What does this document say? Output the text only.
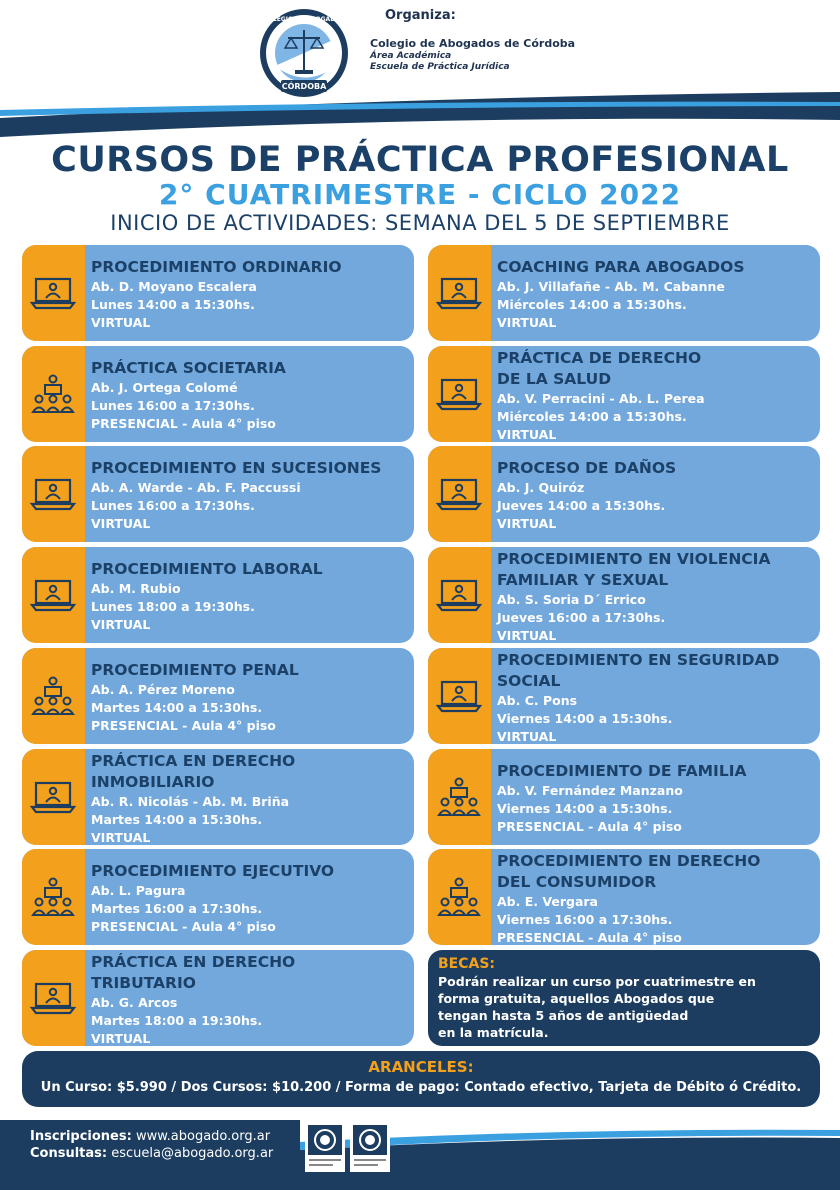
CÓRDOBA
COLEGIO DE ABOGADOS	Organiza:
Colegio de Abogados de Córdoba
Área Académica
Escuela de Práctica Jurídica
CURSOS DE PRÁCTICA PROFESIONAL
2° CUATRIMESTRE - CICLO 2022
INICIO DE ACTIVIDADES: SEMANA DEL 5 DE SEPTIEMBRE
PROCEDIMIENTO ORDINARIO
Ab. D. Moyano Escalera
Lunes 14:00 a 15:30hs.
VIRTUAL
PRÁCTICA SOCIETARIA
Ab. J. Ortega Colomé
Lunes 16:00 a 17:30hs.
PRESENCIAL - Aula 4° piso
PROCEDIMIENTO EN SUCESIONES
Ab. A. Warde - Ab. F. Paccussi
Lunes 16:00 a 17:30hs.
VIRTUAL
PROCEDIMIENTO LABORAL
Ab. M. Rubio
Lunes 18:00 a 19:30hs.
VIRTUAL
PROCEDIMIENTO PENAL
Ab. A. Pérez Moreno
Martes 14:00 a 15:30hs.
PRESENCIAL - Aula 4° piso
PRÁCTICA EN DERECHO
INMOBILIARIO
Ab. R. Nicolás - Ab. M. Briña
Martes 14:00 a 15:30hs.
VIRTUAL
PROCEDIMIENTO EJECUTIVO
Ab. L. Pagura
Martes 16:00 a 17:30hs.
PRESENCIAL - Aula 4° piso
PRÁCTICA EN DERECHO
TRIBUTARIO
Ab. G. Arcos
Martes 18:00 a 19:30hs.
VIRTUAL
COACHING PARA ABOGADOS
Ab. J. Villafañe - Ab. M. Cabanne
Miércoles 14:00 a 15:30hs.
VIRTUAL
PRÁCTICA DE DERECHO
DE LA SALUD
Ab. V. Perracini - Ab. L. Perea
Miércoles 14:00 a 15:30hs.
VIRTUAL
PROCESO DE DAÑOS
Ab. J. Quiróz
Jueves 14:00 a 15:30hs.
VIRTUAL
PROCEDIMIENTO EN VIOLENCIA
FAMILIAR Y SEXUAL
Ab. S. Soria D´ Errico
Jueves 16:00 a 17:30hs.
VIRTUAL
PROCEDIMIENTO EN SEGURIDAD
SOCIAL
Ab. C. Pons
Viernes 14:00 a 15:30hs.
VIRTUAL
PROCEDIMIENTO DE FAMILIA
Ab. V. Fernández Manzano
Viernes 14:00 a 15:30hs.
PRESENCIAL - Aula 4° piso
PROCEDIMIENTO EN DERECHO
DEL CONSUMIDOR
Ab. E. Vergara
Viernes 16:00 a 17:30hs.
PRESENCIAL - Aula 4° piso
BECAS:
Podrán realizar un curso por cuatrimestre en
forma gratuita, aquellos Abogados que
tengan hasta 5 años de antigüedad
en la matrícula.
ARANCELES:
Un Curso: $5.990 / Dos Cursos: $10.200 / Forma de pago: Contado efectivo, Tarjeta de Débito ó Crédito.
Inscripciones: www.abogado.org.ar
Consultas: escuela@abogado.org.ar
